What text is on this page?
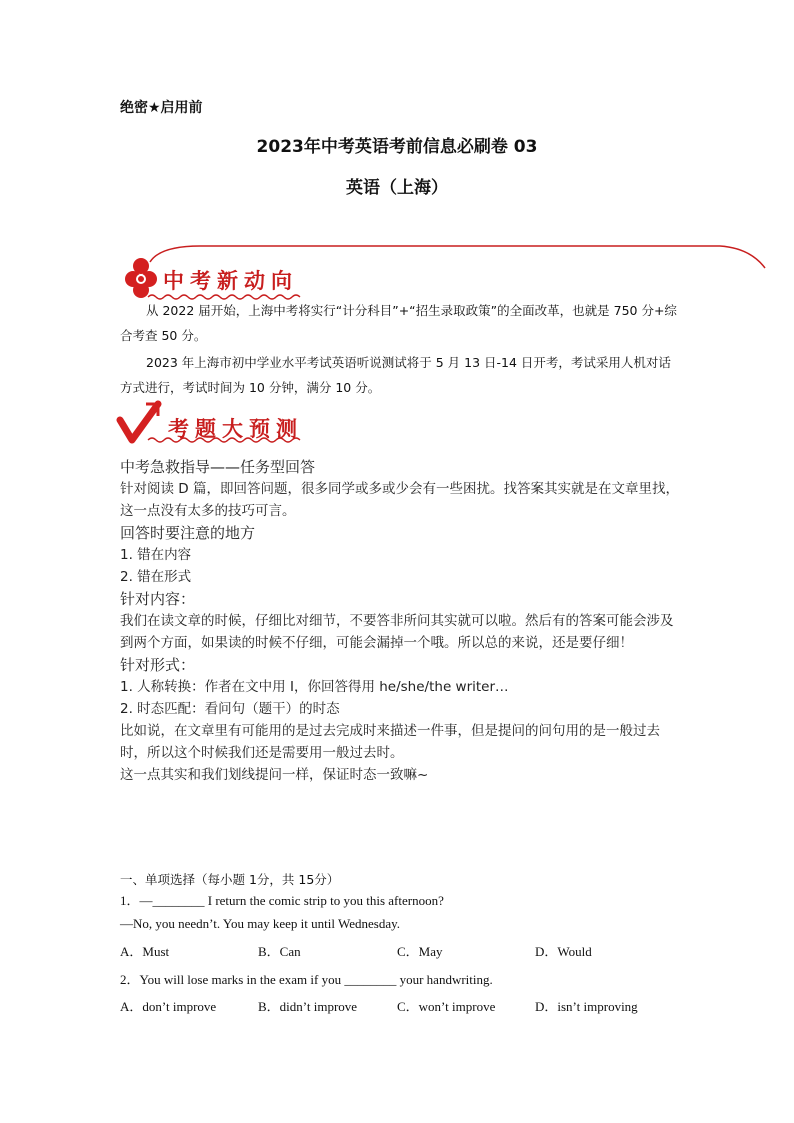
绝密★启用前
2023年中考英语考前信息必刷卷 03
英语（上海）
中考新动向
从 2022 届开始，上海中考将实行“计分科目”+“招生录取政策”的全面改革，也就是 750 分+综合考查 50 分。
2023 年上海市初中学业水平考试英语听说测试将于 5 月 13 日-14 日开考，考试采用人机对话方式进行，考试时间为 10 分钟，满分 10 分。
考题大预测
中考急救指导——任务型回答
针对阅读 D 篇，即回答问题，很多同学或多或少会有一些困扰。找答案其实就是在文章里找，这一点没有太多的技巧可言。
回答时要注意的地方
1. 错在内容
2. 错在形式
针对内容：
我们在读文章的时候，仔细比对细节，不要答非所问其实就可以啦。然后有的答案可能会涉及到两个方面，如果读的时候不仔细，可能会漏掉一个哦。所以总的来说，还是要仔细！
针对形式：
1. 人称转换：作者在文中用 I，你回答得用 he/she/the writer…
2. 时态匹配：看问句（题干）的时态
比如说，在文章里有可能用的是过去完成时来描述一件事，但是提问的问句用的是一般过去时，所以这个时候我们还是需要用一般过去时。
这一点其实和我们划线提问一样，保证时态一致嘛~
一、单项选择（每小题 1分，共 15分）
1．—________ I return the comic strip to you this afternoon?
—No, you needn’t. You may keep it until Wednesday.
A．Must	B．Can	C．May	D．Would
2．You will lose marks in the exam if you ________ your handwriting.
A．don’t improve	B．didn’t improve	C．won’t improve	D．isn’t improving
